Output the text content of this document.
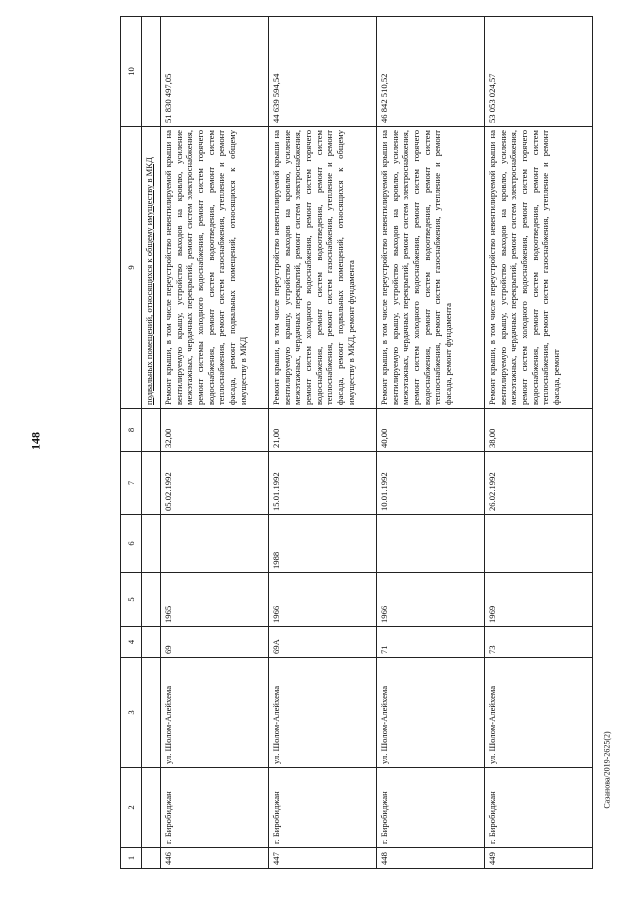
148
1	2	3	4	5	6	7	8	9	10
								подвальных помещений, относящихся к общему имуществу в МКД	
446	г. Биробиджан	ул. Шолом-Алейхема	69	1965		05.02.1992	32,00	Ремонт крыши, в том числе переустройство невентилируемой крыши на вентилируемую крышу, устройство выходов на кровлю, усиление межэтажных, чердачных перекрытий, ремонт систем электроснабжения, ремонт системы холодного водоснабжения, ремонт систем горячего водоснабжения, ремонт систем водоотведения, ремонт систем теплоснабжения, ремонт систем газоснабжения, утепление и ремонт фасада, ремонт подвальных помещений, относящихся к общему имуществу в МКД	51 830 497,05
447	г. Биробиджан	ул. Шолом-Алейхема	69А	1966	1988	15.01.1992	21,00	Ремонт крыши, в том числе переустройство невентилируемой крыши на вентилируемую крышу, устройство выходов на кровлю, усиление межэтажных, чердачных перекрытий, ремонт систем электроснабжения, ремонт систем холодного водоснабжения, ремонт систем горячего водоснабжения, ремонт систем водоотведения, ремонт систем теплоснабжения, ремонт систем газоснабжения, утепление и ремонт фасада, ремонт подвальных помещений, относящихся к общему имуществу в МКД, ремонт фундамента	44 639 594,54
448	г. Биробиджан	ул. Шолом-Алейхема	71	1966		10.01.1992	40,00	Ремонт крыши, в том числе переустройство невентилируемой крыши на вентилируемую крышу, устройство выходов на кровлю, усиление межэтажных, чердачных перекрытий, ремонт систем электроснабжения, ремонт систем холодного водоснабжения, ремонт систем горячего водоснабжения, ремонт систем водоотведения, ремонт систем теплоснабжения, ремонт систем газоснабжения, утепление и ремонт фасада, ремонт фундамента	46 842 510,52
449	г. Биробиджан	ул. Шолом-Алейхема	73	1969		26.02.1992	38,00	Ремонт крыши, в том числе переустройство невентилируемой крыши на вентилируемую крышу, устройство выходов на кровлю, усиление межэтажных, чердачных перекрытий, ремонт систем электроснабжения, ремонт систем холодного водоснабжения, ремонт систем горячего водоснабжения, ремонт систем водоотведения, ремонт систем теплоснабжения, ремонт систем газоснабжения, утепление и ремонт фасада, ремонт	53 053 024,57
Сазанова/2019-2625(2)
